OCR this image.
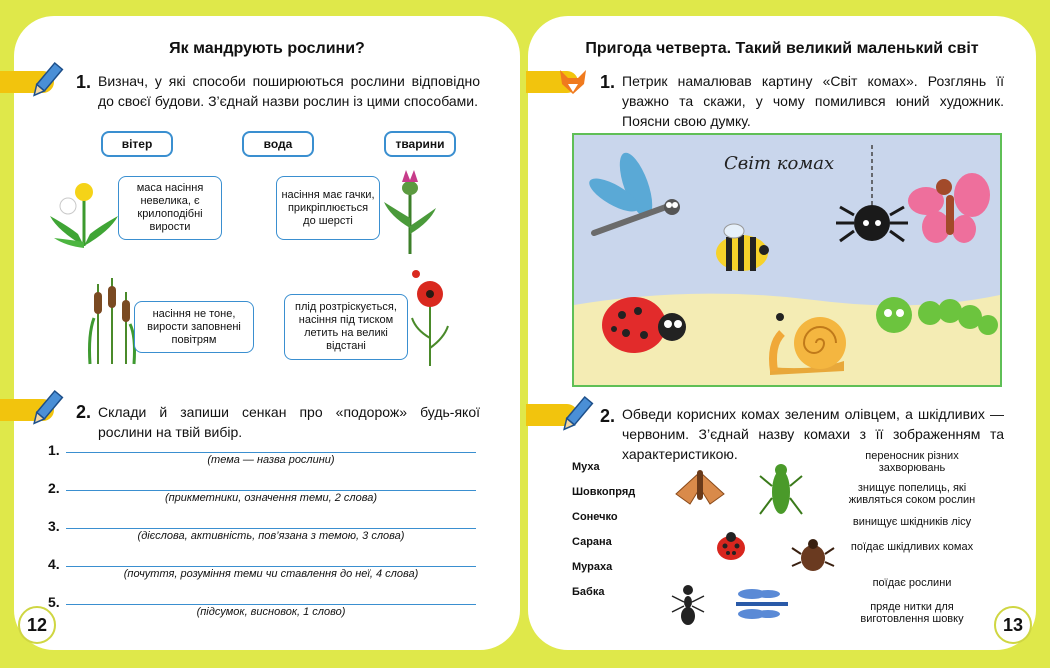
Як мандрують рослини?
1. Визнач, у які способи поширюються рослини відповідно до своєї будови. З’єднай назви рослин із цими способами.
вітер	вода	тварини
маса насіння невелика, є крилоподібні вирости
насіння має гачки, прикріплюється до шерсті
насіння не тоне, вирости заповнені повітрям
плід розтріскується, насіння під тиском летить на великі відстані
2. Склади й запиши сенкан про «подорож» будь-якої рослини на твій вибір.
1.
(тема — назва рослини)
2.
(прикметники, означення теми, 2 слова)
3.
(дієслова, активність, пов’язана з темою, 3 слова)
4.
(почуття, розуміння теми чи ставлення до неї, 4 слова)
5.
(підсумок, висновок, 1 слово)
12
Пригода четверта. Такий великий маленький світ
1. Петрик намалював картину «Світ комах». Розглянь її уважно та скажи, у чому помилився юний художник. Поясни свою думку.
Світ комах
2. Обведи корисних комах зеленим олівцем, а шкідливих — червоним. З’єднай назву комахи з її зображенням та характеристикою.
Муха
Шовкопряд
Сонечко
Сарана
Мураха
Бабка
переносник різних захворювань
знищує попелиць, які живляться соком рослин
винищує шкідників лісу
поїдає шкідливих комах
поїдає рослини
пряде нитки для виготовлення шовку	13
